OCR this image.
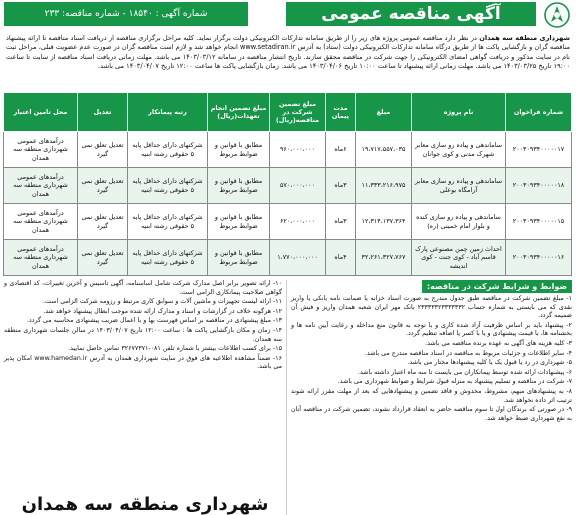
آگهی مناقصه عمومی
شماره آگهی : ۱۸۵۴۰ - شماره مناقصه: ۲۳۳
شهرداری منطقه سه همدان در نظر دارد مناقصه عمومی پروژه های زیر را از طریق سامانه تدارکات الکترونیکی دولت برگزار نماید. کلیه مراحل برگزاری مناقصه از دریافت اسناد مناقصه تا ارائه پیشنهاد مناقصه گران و بازگشایی پاکت ها از طریق درگاه سامانه تدارکات الکترونیکی دولت (ستاد) به آدرس www.setadiran.ir انجام خواهد شد و لازم است مناقصه گران در صورت عدم عضویت قبلی، مراحل ثبت نام در سایت مذکور و دریافت گواهی امضای الکترونیکی را جهت شرکت در مناقصه محقق سازند. تاریخ انتشار مناقصه در سامانه ۱۴۰۳/۰۳/۱۲ می باشد. مهلت زمانی دریافت اسناد مناقصه از سایت تا ساعت ۱۹:۰۰ تاریخ ۱۴۰۳/۰۳/۲۵ می باشد. مهلت زمانی ارائه پیشنهاد تا ساعت ۱۰:۰۰ تاریخ ۱۴۰۳/۰۴/۰۶ می باشد. زمان بازگشایی پاکت ها ساعت ۱۲:۰۰ تاریخ ۱۴۰۳/۰۴/۰۷ می باشد.
شماره فراخوان	نام پروژه	مبلغ	مدت پیمان	مبلغ تضمین شرکت در مناقصه(ریال)	مبلغ تضمین انجام تعهدات(ریال)	رتبه پیمانکار	تعدیل	محل تامین اعتبار
۲۰۰۳۰۹۳۴۰۰۰۰۰۱۷	ساماندهی و پیاده رو سازی معابر شهرک مدنی و کوی جوانان	۱۹،۷۱۷،۵۵۷،۰۳۵	۶ماه	۹۶۰،۰۰۰،۰۰۰	مطابق با قوانین و ضوابط مربوط	شرکتهای دارای حداقل پایه ۵ حقوقی رشته ابنیه	تعدیل تعلق نمی گیرد	درآمدهای عمومی شهرداری منطقه سه همدان
۲۰۰۳۰۹۳۴۰۰۰۰۰۱۸	ساماندهی و پیاده رو سازی معابر آرامگاه بوعلی	۱۱،۳۳۳،۲۱۶،۹۷۵	۳ماه	۵۷۰،۰۰۰،۰۰۰	مطابق با قوانین و ضوابط مربوط	شرکتهای دارای حداقل پایه ۵ حقوقی رشته ابنیه	تعدیل تعلق نمی گیرد	درآمدهای عمومی شهرداری منطقه سه همدان
۲۰۰۳۰۹۳۴۰۰۰۰۰۱۵	ساماندهی و پیاده رو سازی کنده و بلوار امام خمینی (ره)	۱۲،۳۱۴،۱۳۷،۳۶۴	۳ماه	۶۲۰،۰۰۰،۰۰۰	مطابق با قوانین و ضوابط مربوط	شرکتهای دارای حداقل پایه ۵ حقوقی رشته ابنیه	تعدیل تعلق نمی گیرد	درآمدهای عمومی شهرداری منطقه سه همدان
۲۰۰۳۰۹۳۴۰۰۰۰۰۱۶	احداث زمین چمن مصنوعی پارک قاسم آباد - کوی جنت - کوی اندیشه	۳۲،۲۶۱،۳۲۷،۷۶۷	۴ماه	۱،۷۷۰،۰۰۰،۰۰۰	مطابق با قوانین و ضوابط مربوط	شرکتهای دارای حداقل پایه ۵ حقوقی رشته ابنیه	تعدیل تعلق نمی گیرد	درآمدهای عمومی شهرداری منطقه سه همدان
ضوابط و شرایط شرکت در مناقصه:

۱- مبلغ تضمین شرکت در مناقصه طبق جدول مندرج به صورت اسناد خزانه یا ضمانت نامه بانکی یا واریز نقدی که می بایستی به شماره حساب ۲۳۳۳۳۳۲۳۳۳۳۳۳۲ بانک مهر ایران شعبه همدان واریز و فیش آن ضمیمه گردد.

۲- پیشنهاد باید بر اساس ظرفیت آزاد شده کاری و با توجه به قانون منع مداخله و رعایت آیین نامه ها و بخشنامه ها، با قیمت پیشنهادی و یا با کسر یا اضافه تنظیم گردد.

۳- کلیه هزینه های آگهی به عهده برنده مناقصه می باشد.

۴- سایر اطلاعات و جزئیات مربوط به مناقصه در اسناد مناقصه مندرج می باشد.

۵- شهرداری در رد یا قبول یک یا کلیه پیشنهادها مختار می باشد.

۶- پیشنهادات ارائه شده توسط پیمانکاران می بایست تا سه ماه اعتبار داشته باشد.

۷- شرکت در مناقصه و تسلیم پیشنهاد به منزله قبول شرایط و ضوابط شهرداری می باشد.

۸- به پیشنهادهای مبهم، مشروط، مخدوش و فاقد تضمین و پیشنهادهایی که بعد از مهلت مقرر ارائه شوند ترتیب اثر داده نخواهد شد.

۹- در صورتی که برندگان اول تا سوم مناقصه حاضر به انعقاد قرارداد نشوند، تضمین شرکت در مناقصه آنان به نفع شهرداری ضبط خواهد شد.

۱۰- ارائه تصویر برابر اصل مدارک شرکت شامل اساسنامه، آگهی تاسیس و آخرین تغییرات، کد اقتصادی و گواهی صلاحیت پیمانکاری الزامی است.

۱۱- ارائه لیست تجهیزات و ماشین آلات و سوابق کاری مرتبط و رزومه شرکت الزامی است.

۱۲- هرگونه خلاف در گزارشات و اسناد و مدارک ارائه شده موجب ابطال پیشنهاد خواهد شد.

۱۳- مبلغ پیشنهادی در مناقصه بر اساس فهرست بها و با اعمال ضریب پیشنهادی محاسبه می گردد.

۱۴- زمان و مکان بازگشایی پاکت ها : ساعت ۱۲:۰۰ تاریخ ۱۴۰۳/۰۴/۰۷ در سالن جلسات شهرداری منطقه سه همدان.

۱۵- برای کسب اطلاعات بیشتر با شماره تلفن ۰۸۱-۳۲۶۷۷۳۷۱ تماس حاصل نمایید.

۱۶- ضمناً مشاهده اطلاعیه های فوق در سایت شهرداری همدان به آدرس www.hamedan.ir امکان پذیر می باشد.

شهرداری منطقه سه همدان
